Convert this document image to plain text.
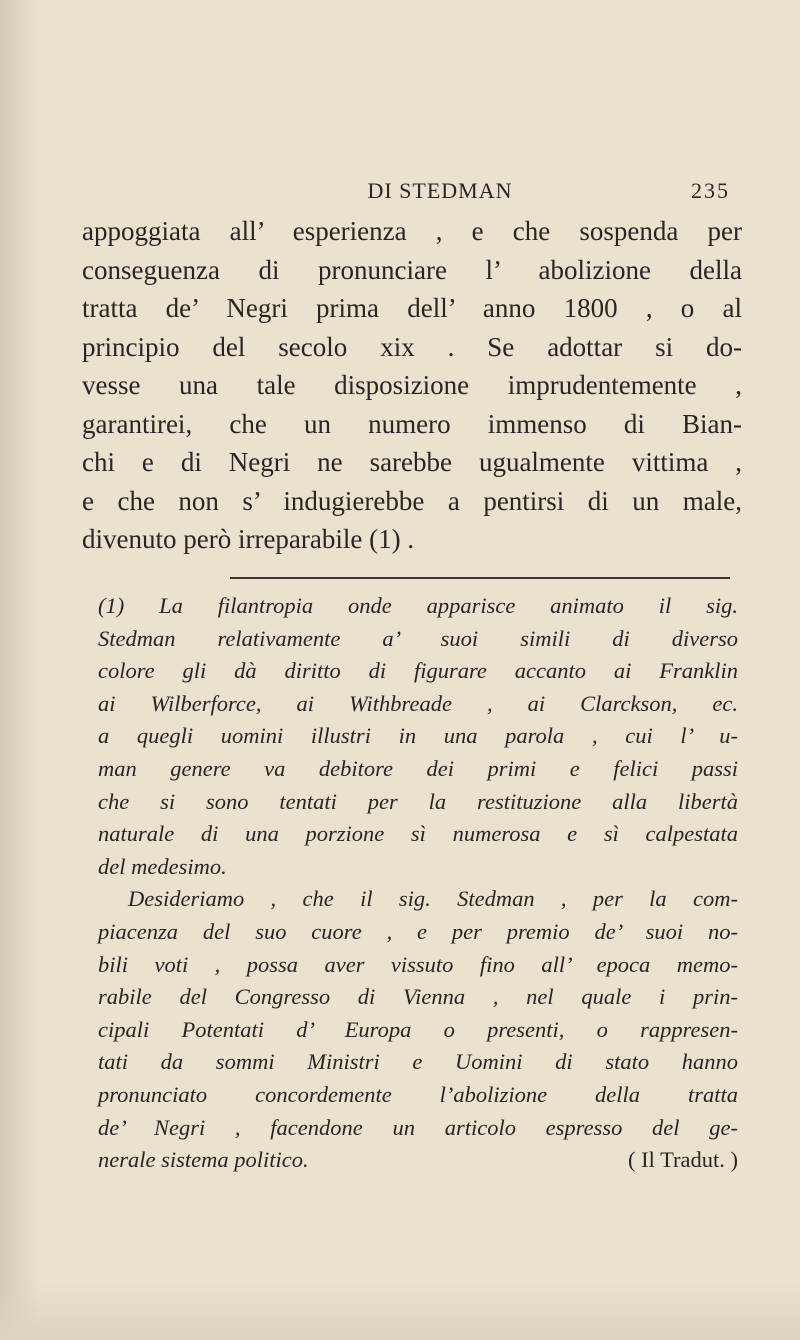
DI STEDMAN	235
appoggiata all’ esperienza , e che sospenda per
conseguenza di pronunciare l’ abolizione della
tratta de’ Negri prima dell’ anno 1800 , o al
principio del secolo xix . Se adottar si do-
vesse una tale disposizione imprudentemente ,
garantirei, che un numero immenso di Bian-
chi e di Negri ne sarebbe ugualmente vittima ,
e che non s’ indugierebbe a pentirsi di un male,
divenuto però irreparabile (1) .
(1) La filantropia onde apparisce animato il sig.
Stedman relativamente a’ suoi simili di diverso
colore gli dà diritto di figurare accanto ai Franklin
ai Wilberforce, ai Withbreade , ai Clarckson, ec.
a quegli uomini illustri in una parola , cui l’ u-
man genere va debitore dei primi e felici passi
che si sono tentati per la restituzione alla libertà
naturale di una porzione sì numerosa e sì calpestata
del medesimo.
Desideriamo , che il sig. Stedman , per la com-
piacenza del suo cuore , e per premio de’ suoi no-
bili voti , possa aver vissuto fino all’ epoca memo-
rabile del Congresso di Vienna , nel quale i prin-
cipali Potentati d’ Europa o presenti, o rappresen-
tati da sommi Ministri e Uomini di stato hanno
pronunciato concordemente l’abolizione della tratta
de’ Negri , facendone un articolo espresso del ge-
nerale sistema politico.	( Il Tradut. )
